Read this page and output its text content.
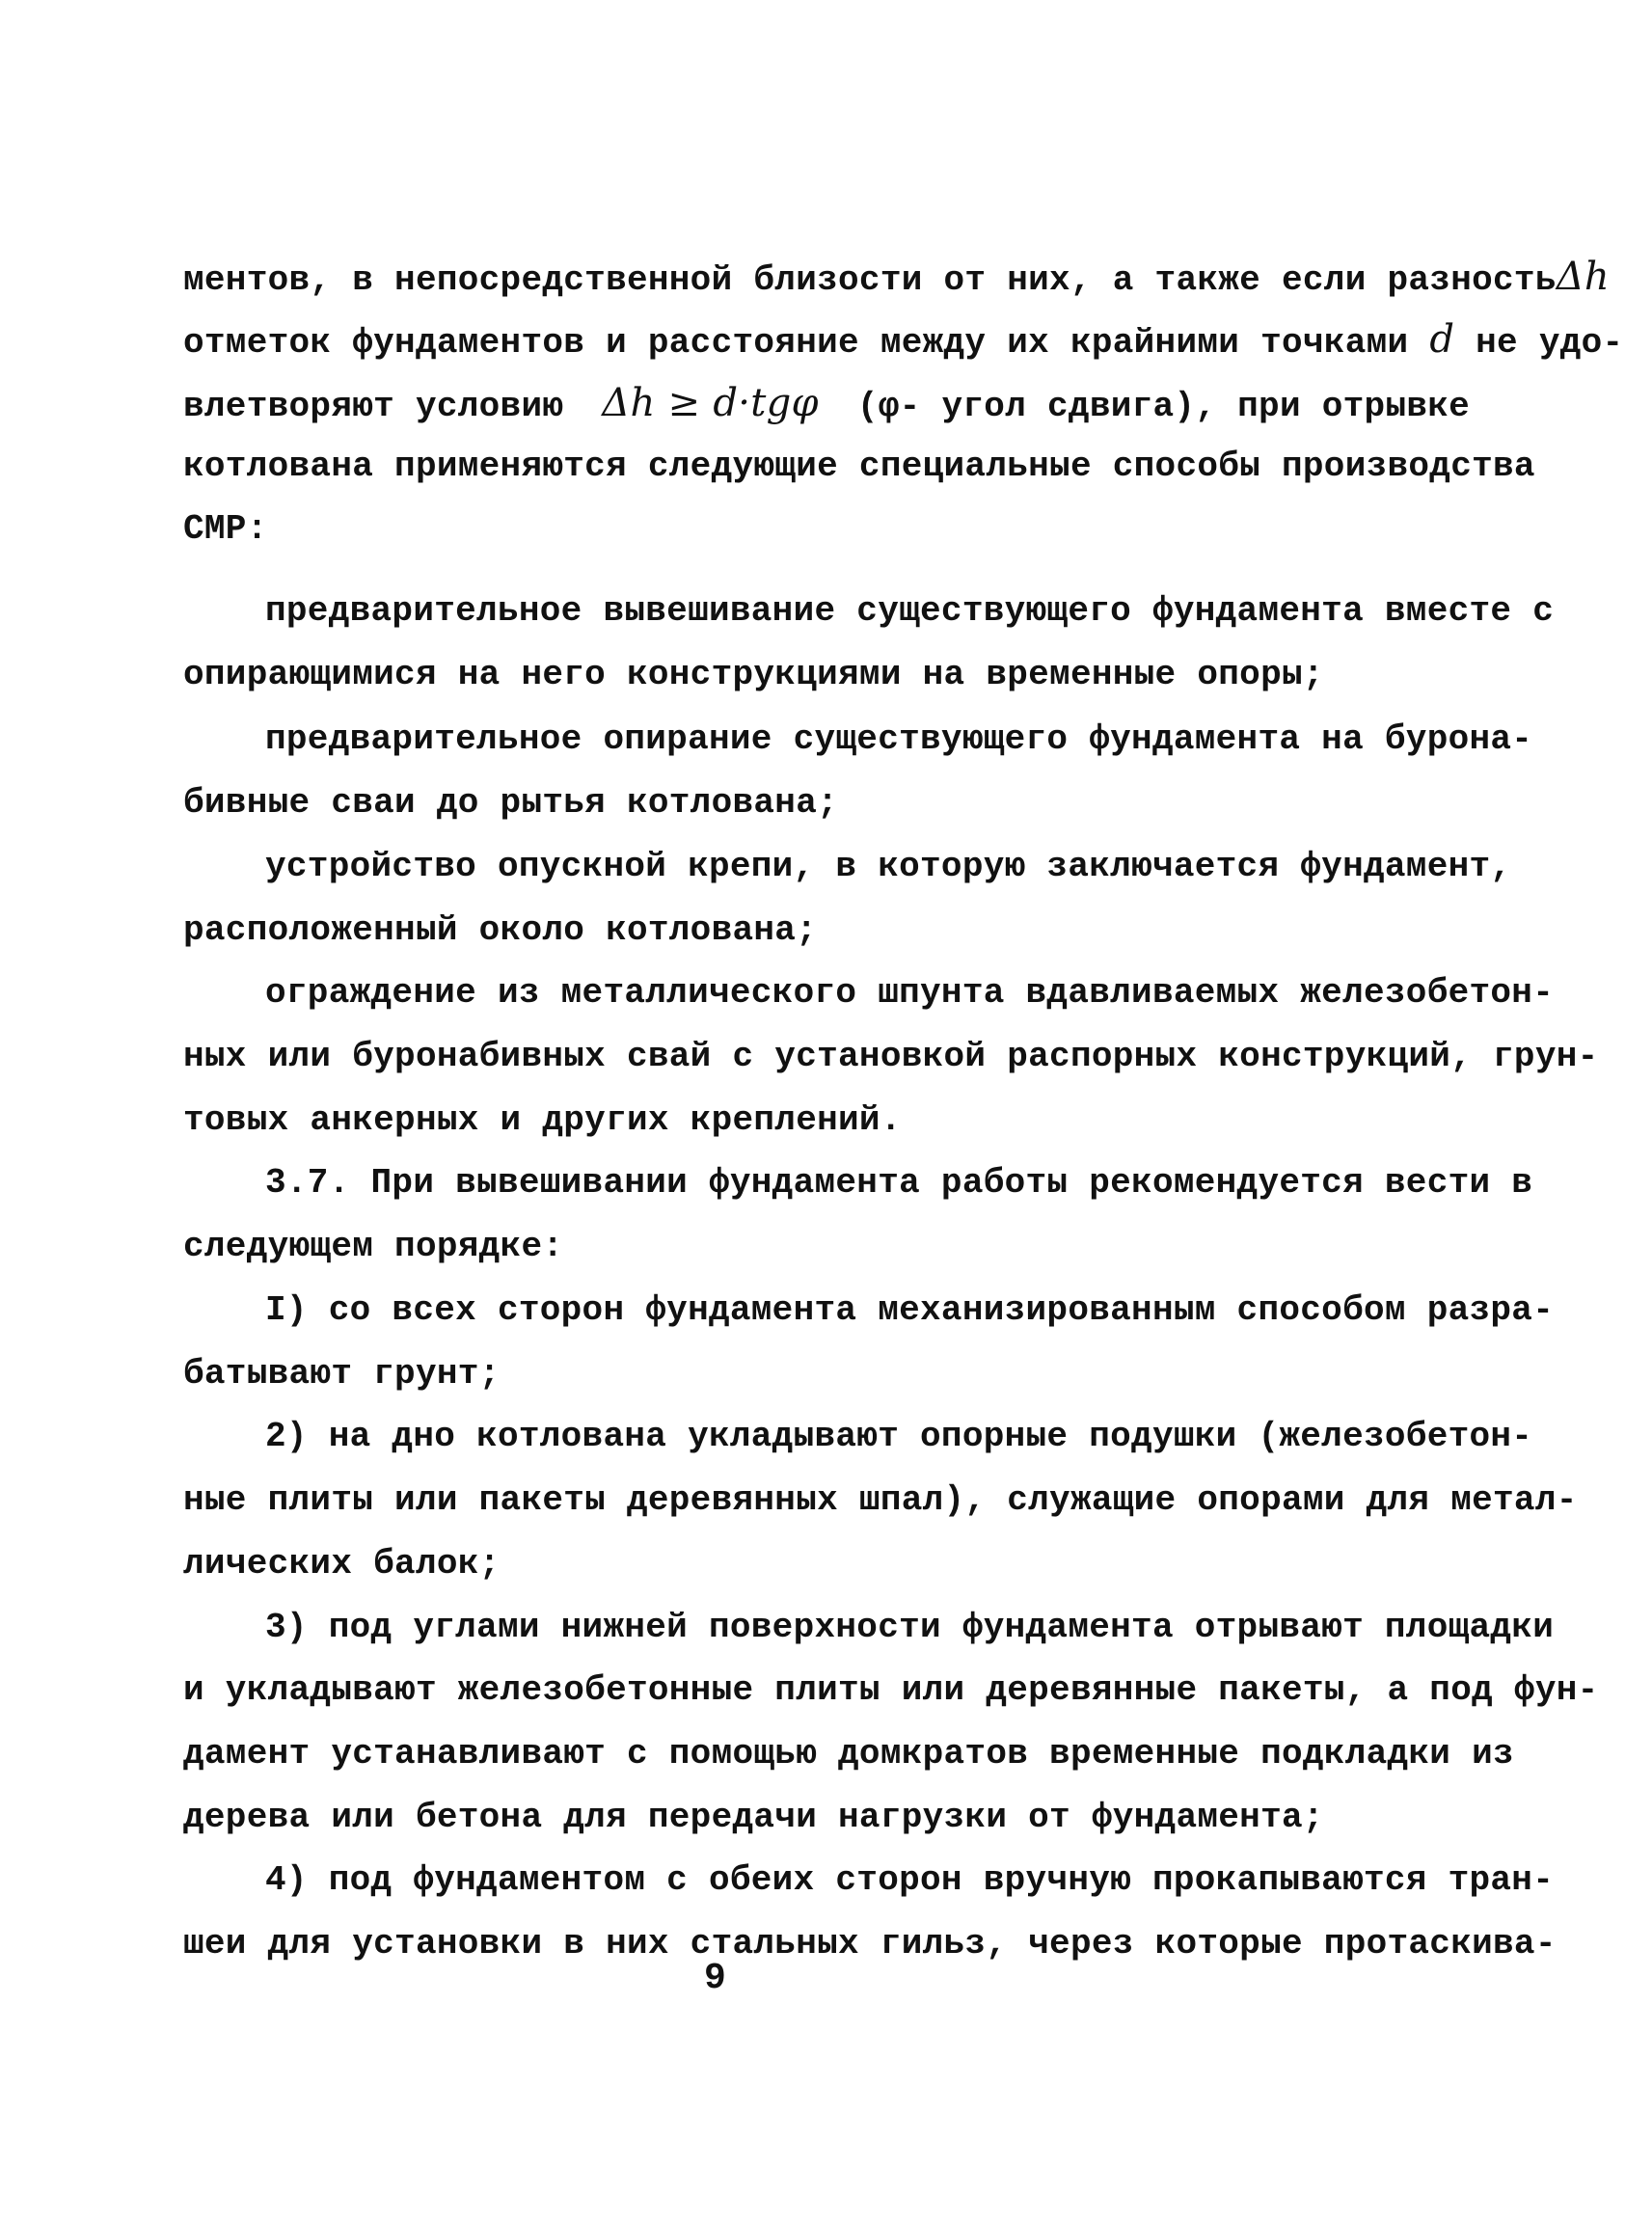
ментов, в непосредственной близости от них, а также если разностьΔh
отметок фундаментов и расстояние между их крайними точками d не удо-
влетворяют условию Δh ≥ d·tgφ (φ- угол сдвига), при отрывке
котлована применяются следующие специальные способы производства
СМР:
предварительное вывешивание существующего фундамента вместе с
опирающимися на него конструкциями на временные опоры;
предварительное опирание существующего фундамента на бурона-
бивные сваи до рытья котлована;
устройство опускной крепи, в которую заключается фундамент,
расположенный около котлована;
ограждение из металлического шпунта вдавливаемых железобетон-
ных или буронабивных свай с установкой распорных конструкций, грун-
товых анкерных и других креплений.
3.7. При вывешивании фундамента работы рекомендуется вести в
следующем порядке:
I) со всех сторон фундамента механизированным способом разра-
батывают грунт;
2) на дно котлована укладывают опорные подушки (железобетон-
ные плиты или пакеты деревянных шпал), служащие опорами для метал-
лических балок;
3) под углами нижней поверхности фундамента отрывают площадки
и укладывают железобетонные плиты или деревянные пакеты, а под фун-
дамент устанавливают с помощью домкратов временные подкладки из
дерева или бетона для передачи нагрузки от фундамента;
4) под фундаментом с обеих сторон вручную прокапываются тран-
шеи для установки в них стальных гильз, через которые протаскива-
9
